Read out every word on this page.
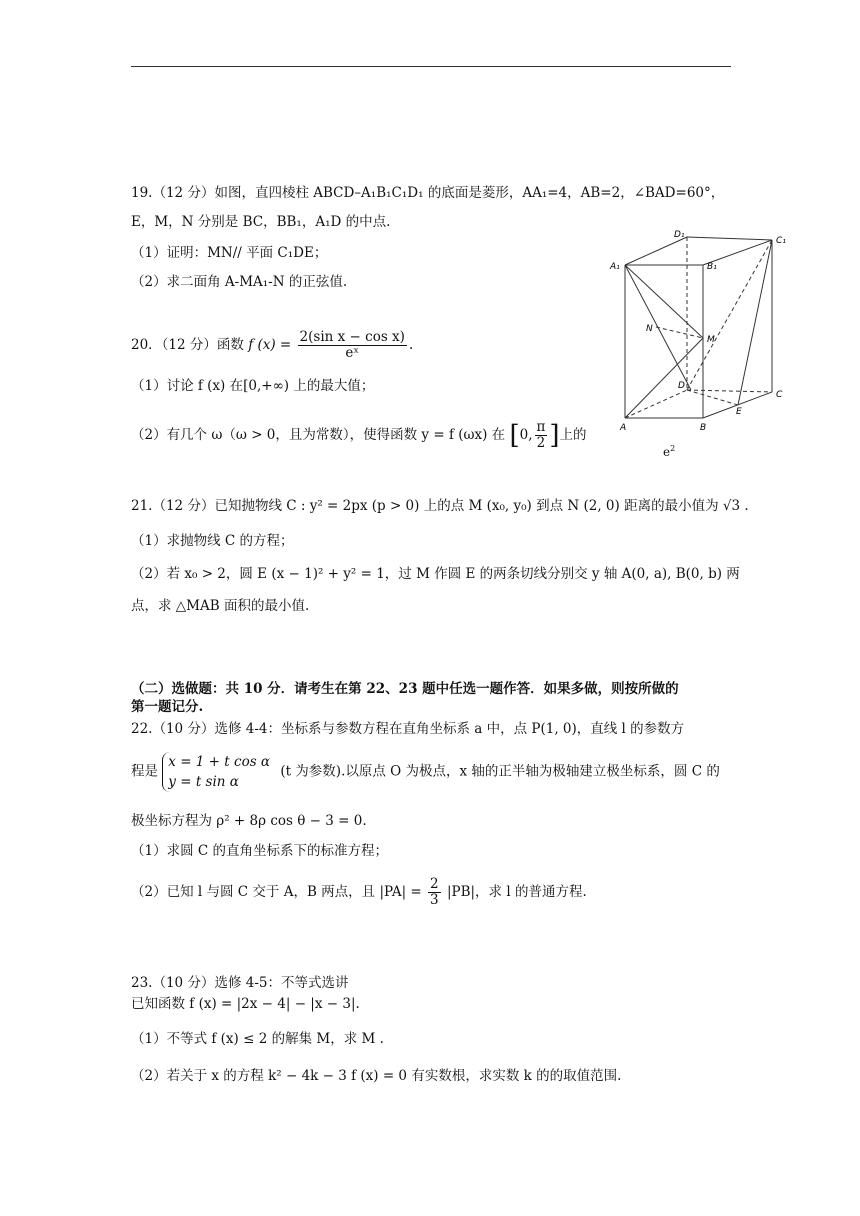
19.（12 分）如图，直四棱柱 ABCD–A₁B₁C₁D₁ 的底面是菱形，AA₁=4，AB=2，∠BAD=60°，
E，M，N 分别是 BC，BB₁，A₁D 的中点.
（1）证明：MN// 平面 C₁DE；
（2）求二面角 A-MA₁-N 的正弦值.
20．（12 分）函数 f $(x) = \frac{\text{2(sin x − cos x)}}{\text{eˣ}}$ .
（1）讨论 f (x) 在[0,+∞) 上的最大值；
（2）有几个 ω（ω > 0，且为常数），使得函数 y = f (ωx) 在 [0, $\frac{\pi}{2}$ ]上的
$e^2$
D₁
C₁
A₁	B₁
N
M
D
C
A	B
E
21.（12 分）已知抛物线 C : y² = 2px (p > 0) 上的点 M (x₀, y₀) 到点 N (2, 0) 距离的最小值为 √3 .
（1）求抛物线 C 的方程；
（2）若 x₀ > 2，圆 E (x − 1)² + y² = 1，过 M 作圆 E 的两条切线分别交 y 轴 A(0, a), B(0, b) 两
点，求 △MAB 面积的最小值.
（二）选做题：共 10 分．请考生在第 22、23 题中任选一题作答．如果多做，则按所做的
第一题记分.
22.（10 分）选修 4-4：坐标系与参数方程在直角坐标系 a 中，点 P(1, 0)，直线 l 的参数方
程是
x = 1 + t cos α
y = t sin α
(t 为参数).以原点 O 为极点，x 轴的正半轴为极轴建立极坐标系，圆 C 的
极坐标方程为 ρ² + 8ρ cos θ − 3 = 0.
（1）求圆 C 的直角坐标系下的标准方程；
（2）已知 l 与圆 C 交于 A，B 两点，且 $|PA| = \frac{2}{3} |PB|$，求 l 的普通方程.
23.（10 分）选修 4-5：不等式选讲
已知函数 f (x) = |2x − 4| − |x − 3|.
（1）不等式 f (x) ≤ 2 的解集 M，求 M .
（2）若关于 x 的方程 k² − 4k − 3 f (x) = 0 有实数根，求实数 k 的的取值范围.
